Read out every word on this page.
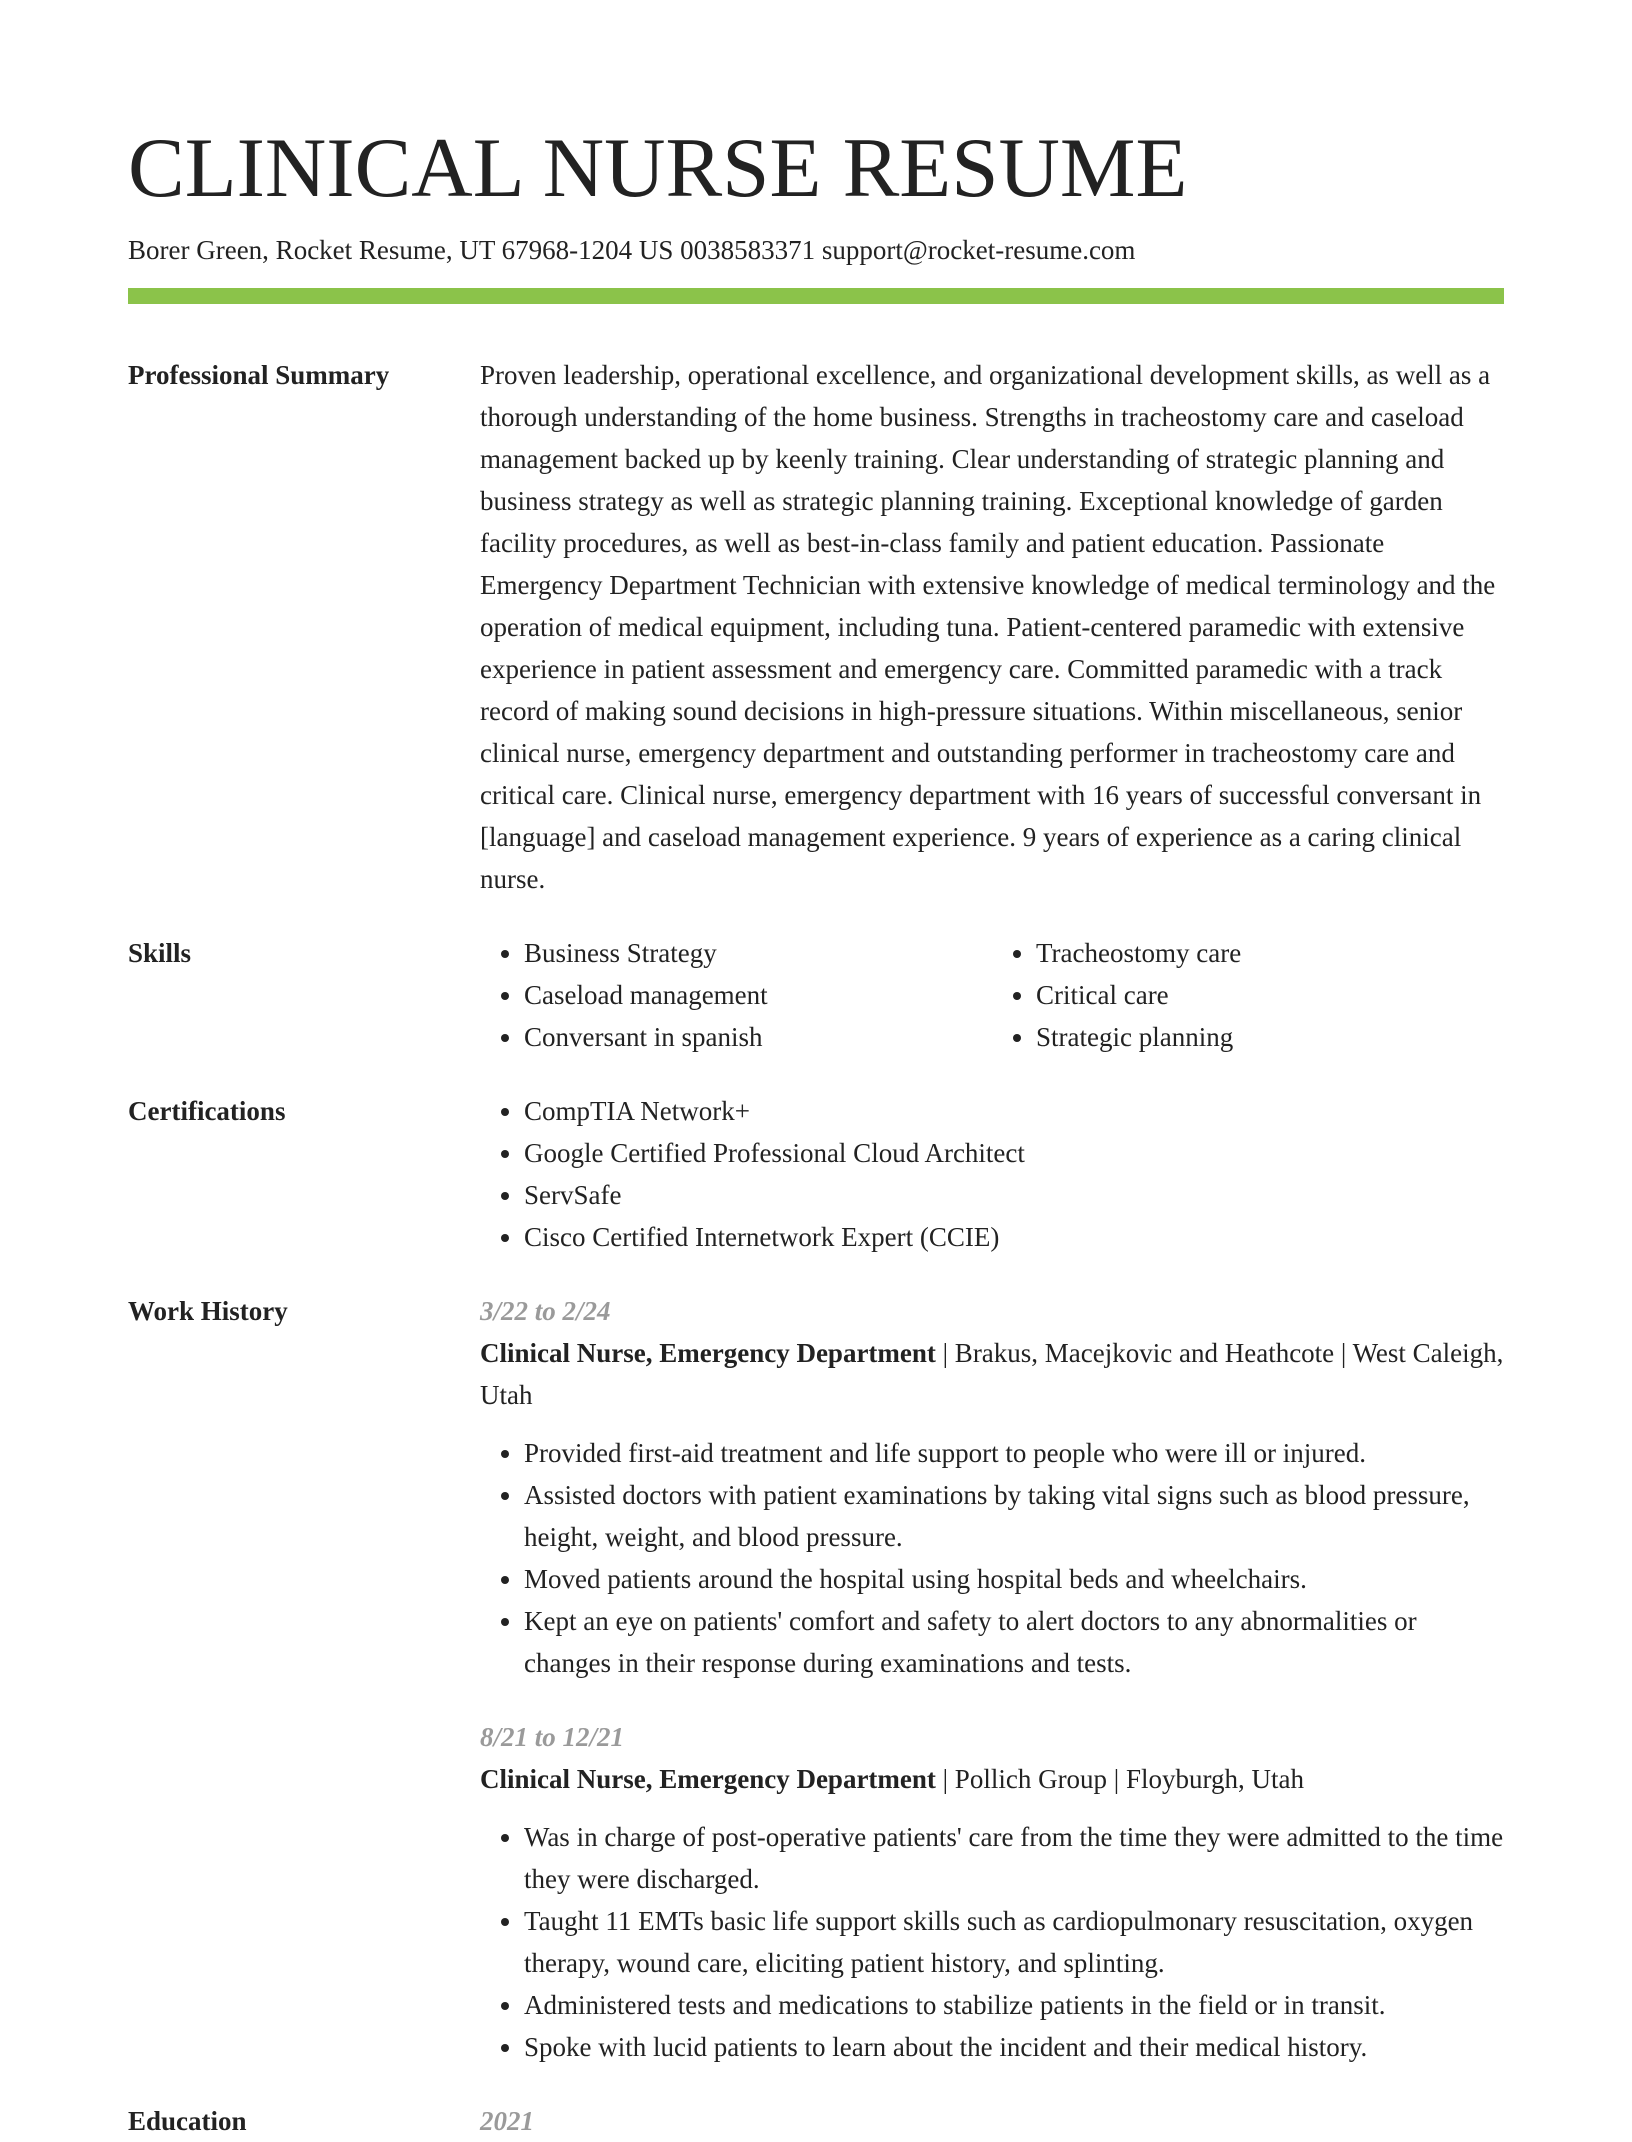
CLINICAL NURSE RESUME
Borer Green, Rocket Resume, UT 67968-1204 US 0038583371 support@rocket-resume.com
Professional Summary	Proven leadership, operational excellence, and organizational development skills, as well as a thorough understanding of the home business. Strengths in tracheostomy care and caseload management backed up by keenly training. Clear understanding of strategic planning and business strategy as well as strategic planning training. Exceptional knowledge of garden facility procedures, as well as best-in-class family and patient education. Passionate Emergency Department Technician with extensive knowledge of medical terminology and the operation of medical equipment, including tuna. Patient-centered paramedic with extensive experience in patient assessment and emergency care. Committed paramedic with a track record of making sound decisions in high-pressure situations. Within miscellaneous, senior clinical nurse, emergency department and outstanding performer in tracheostomy care and critical care. Clinical nurse, emergency department with 16 years of successful conversant in [language] and caseload management experience. 9 years of experience as a caring clinical nurse.

Skills	• Business Strategy
• Caseload management
• Conversant in spanish
• Tracheostomy care
• Critical care
• Strategic planning
Certifications	• CompTIA Network+
• Google Certified Professional Cloud Architect
• ServSafe
• Cisco Certified Internetwork Expert (CCIE)
Work History	3/22 to 2/24

Clinical Nurse, Emergency Department | Brakus, Macejkovic and Heathcote | West Caleigh, Utah

• Provided first-aid treatment and life support to people who were ill or injured.
• Assisted doctors with patient examinations by taking vital signs such as blood pressure, height, weight, and blood pressure.
• Moved patients around the hospital using hospital beds and wheelchairs.
• Kept an eye on patients' comfort and safety to alert doctors to any abnormalities or changes in their response during examinations and tests.
8/21 to 12/21

Clinical Nurse, Emergency Department | Pollich Group | Floyburgh, Utah

• Was in charge of post-operative patients' care from the time they were admitted to the time they were discharged.
• Taught 11 EMTs basic life support skills such as cardiopulmonary resuscitation, oxygen therapy, wound care, eliciting patient history, and splinting.
• Administered tests and medications to stabilize patients in the field or in transit.
• Spoke with lucid patients to learn about the incident and their medical history.
Education	2021
